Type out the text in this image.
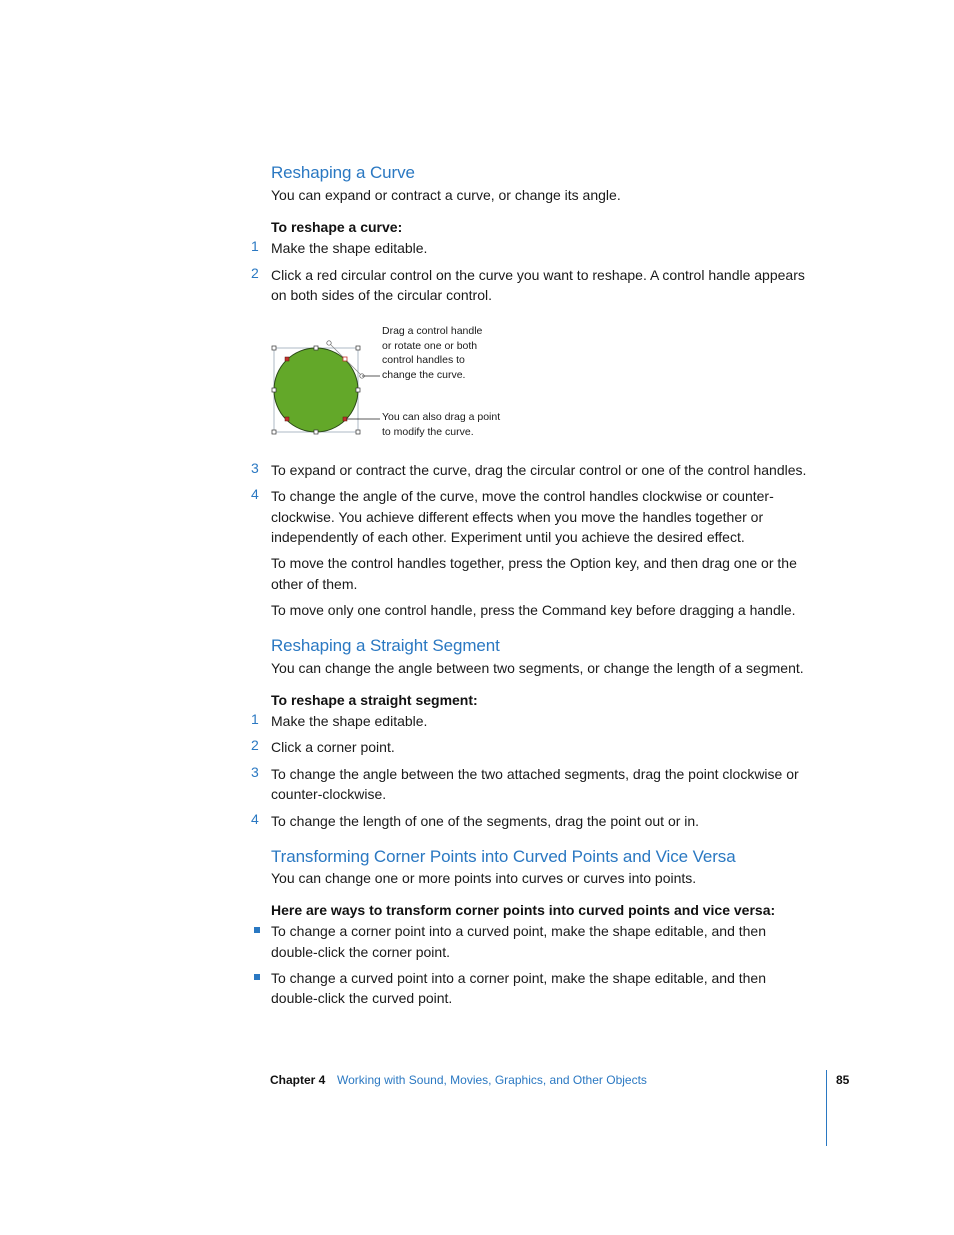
Reshaping a Curve
You can expand or contract a curve, or change its angle.
To reshape a curve:
1 Make the shape editable.
2 Click a red circular control on the curve you want to reshape. A control handle appears
on both sides of the circular control.
Drag a control handle
or rotate one or both
control handles to
change the curve.
You can also drag a point
to modify the curve.
3 To expand or contract the curve, drag the circular control or one of the control handles.
4 To change the angle of the curve, move the control handles clockwise or counter-
clockwise. You achieve different effects when you move the handles together or
independently of each other. Experiment until you achieve the desired effect.
To move the control handles together, press the Option key, and then drag one or the
other of them.
To move only one control handle, press the Command key before dragging a handle.
Reshaping a Straight Segment
You can change the angle between two segments, or change the length of a segment.
To reshape a straight segment:
1 Make the shape editable.
2 Click a corner point.
3 To change the angle between the two attached segments, drag the point clockwise or
counter-clockwise.
4 To change the length of one of the segments, drag the point out or in.
Transforming Corner Points into Curved Points and Vice Versa
You can change one or more points into curves or curves into points.
Here are ways to transform corner points into curved points and vice versa:
To change a corner point into a curved point, make the shape editable, and then
double-click the corner point.
To change a curved point into a corner point, make the shape editable, and then
double-click the curved point.
Chapter 4 Working with Sound, Movies, Graphics, and Other Objects	85
